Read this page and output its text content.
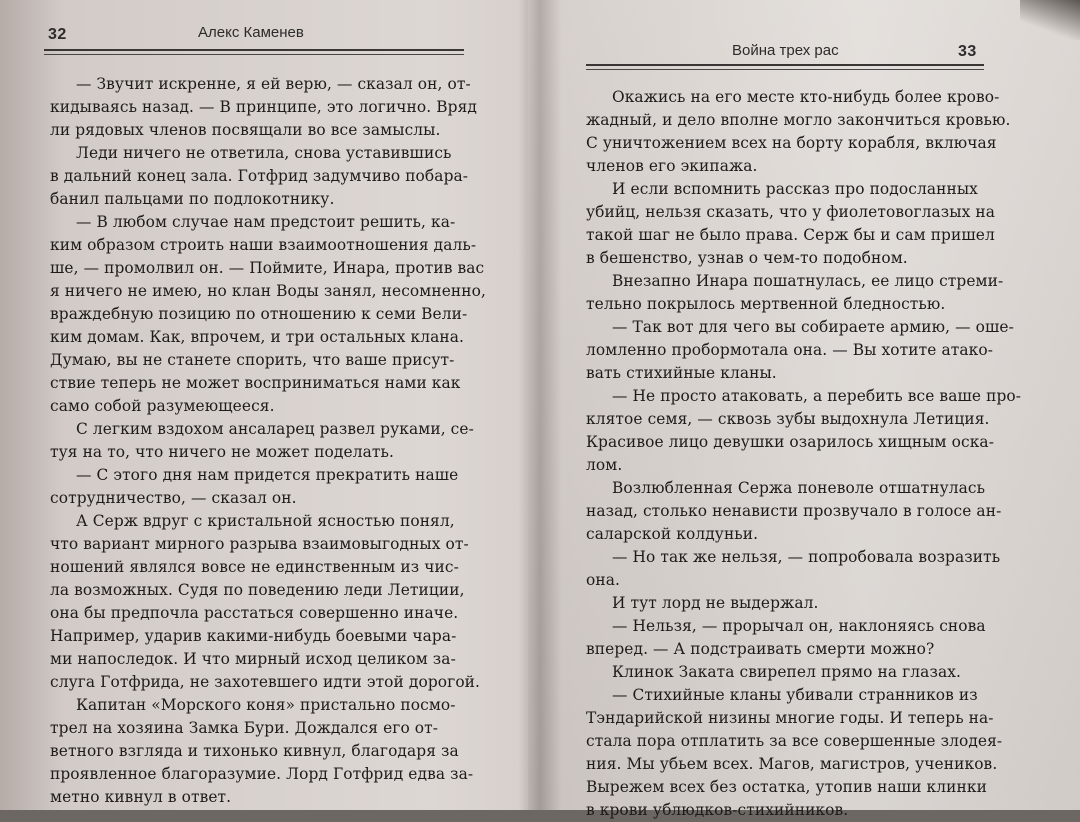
32	Алекс Каменев
— Звучит искренне, я ей верю, — сказал он, от-
кидываясь назад. — В принципе, это логично. Вряд
ли рядовых членов посвящали во все замыслы.
Леди ничего не ответила, снова уставившись
в дальний конец зала. Готфрид задумчиво побара-
банил пальцами по подлокотнику.
— В любом случае нам предстоит решить, ка-
ким образом строить наши взаимоотношения даль-
ше, — промолвил он. — Поймите, Инара, против вас
я ничего не имею, но клан Воды занял, несомненно,
враждебную позицию по отношению к семи Вели-
ким домам. Как, впрочем, и три остальных клана.
Думаю, вы не станете спорить, что ваше присут-
ствие теперь не может восприниматься нами как
само собой разумеющееся.
С легким вздохом ансаларец развел руками, се-
туя на то, что ничего не может поделать.
— С этого дня нам придется прекратить наше
сотрудничество, — сказал он.
А Серж вдруг с кристальной ясностью понял,
что вариант мирного разрыва взаимовыгодных от-
ношений являлся вовсе не единственным из чис-
ла возможных. Судя по поведению леди Летиции,
она бы предпочла расстаться совершенно иначе.
Например, ударив какими-нибудь боевыми чара-
ми напоследок. И что мирный исход целиком за-
слуга Готфрида, не захотевшего идти этой дорогой.
Капитан «Морского коня» пристально посмо-
трел на хозяина Замка Бури. Дождался его от-
ветного взгляда и тихонько кивнул, благодаря за
проявленное благоразумие. Лорд Готфрид едва за-
метно кивнул в ответ.
Война трех рас	33
Окажись на его месте кто-нибудь более крово-
жадный, и дело вполне могло закончиться кровью.
С уничтожением всех на борту корабля, включая
членов его экипажа.
И если вспомнить рассказ про подосланных
убийц, нельзя сказать, что у фиолетовоглазых на
такой шаг не было права. Серж бы и сам пришел
в бешенство, узнав о чем-то подобном.
Внезапно Инара пошатнулась, ее лицо стреми-
тельно покрылось мертвенной бледностью.
— Так вот для чего вы собираете армию, — оше-
ломленно пробормотала она. — Вы хотите атако-
вать стихийные кланы.
— Не просто атаковать, а перебить все ваше про-
клятое семя, — сквозь зубы выдохнула Летиция.
Красивое лицо девушки озарилось хищным оска-
лом.
Возлюбленная Сержа поневоле отшатнулась
назад, столько ненависти прозвучало в голосе ан-
саларской колдуньи.
— Но так же нельзя, — попробовала возразить
она.
И тут лорд не выдержал.
— Нельзя, — прорычал он, наклоняясь снова
вперед. — А подстраивать смерти можно?
Клинок Заката свирепел прямо на глазах.
— Стихийные кланы убивали странников из
Тэндарийской низины многие годы. И теперь на-
стала пора отплатить за все совершенные злодея-
ния. Мы убьем всех. Магов, магистров, учеников.
Вырежем всех без остатка, утопив наши клинки
в крови ублюдков-стихийников.
